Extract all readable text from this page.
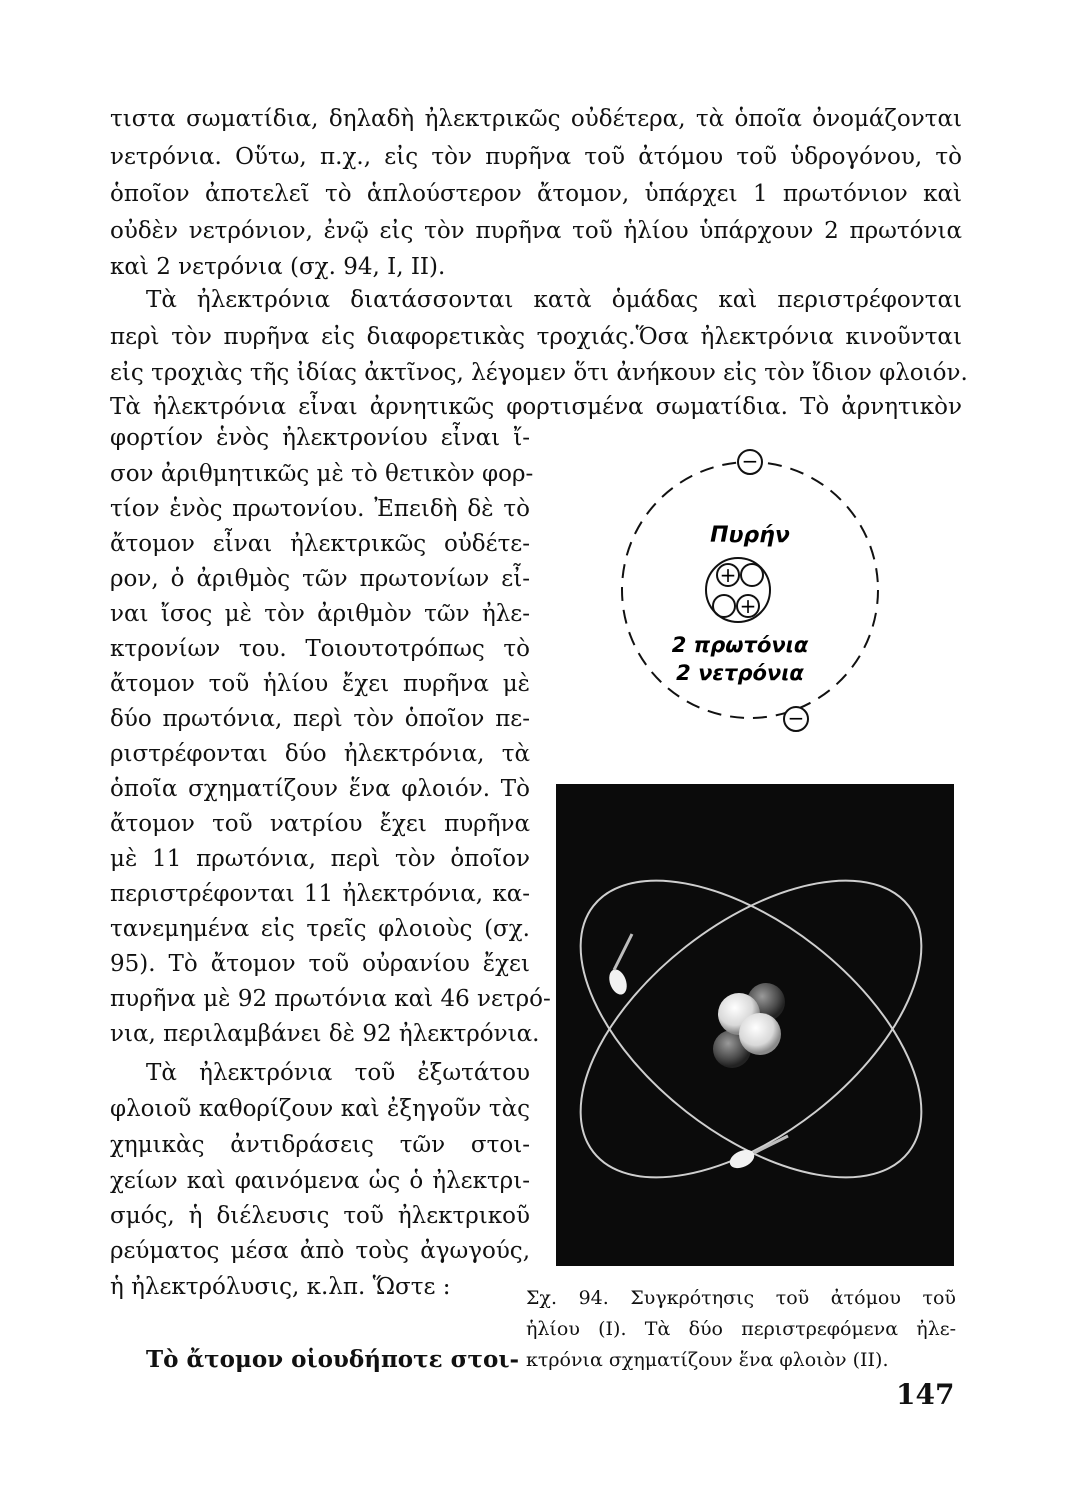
τιστα σωματίδια, δηλαδὴ ἠλεκτρικῶς οὐδέτερα, τὰ ὁποῖα ὀνομάζονται
νετρόνια. Οὕτω, π.χ., εἰς τὸν πυρῆνα τοῦ ἀτόμου τοῦ ὑδρογόνου, τὸ
ὁποῖον ἀποτελεῖ τὸ ἁπλούστερον ἄτομον, ὑπάρχει 1 πρωτόνιον καὶ
οὐδὲν νετρόνιον, ἐνῷ εἰς τὸν πυρῆνα τοῦ ἡλίου ὑπάρχουν 2 πρωτόνια
καὶ 2 νετρόνια (σχ. 94, I, II).
Τὰ ἠλεκτρόνια διατάσσονται κατὰ ὁμάδας καὶ περιστρέφονται
περὶ τὸν πυρῆνα εἰς διαφορετικὰς τροχιάς.Ὅσα ἠλεκτρόνια κινοῦνται
εἰς τροχιὰς τῆς ἰδίας ἀκτῖνος, λέγομεν ὅτι ἀνήκουν εἰς τὸν ἴδιον φλοιόν.
Τὰ ἠλεκτρόνια εἶναι ἀρνητικῶς φορτισμένα σωματίδια. Τὸ ἀρνητικὸν
φορτίον ἑνὸς ἠλεκτρονίου εἶναι ἴ-
σον ἀριθμητικῶς μὲ τὸ θετικὸν φορ-
τίον ἑνὸς πρωτονίου. Ἐπειδὴ δὲ τὸ
ἄτομον εἶναι ἠλεκτρικῶς οὐδέτε-
ρον, ὁ ἀριθμὸς τῶν πρωτονίων εἶ-
ναι ἴσος μὲ τὸν ἀριθμὸν τῶν ἠλε-
κτρονίων του. Τοιουτοτρόπως τὸ
ἄτομον τοῦ ἡλίου ἔχει πυρῆνα μὲ
δύο πρωτόνια, περὶ τὸν ὁποῖον πε-
ριστρέφονται δύο ἠλεκτρόνια, τὰ
ὁποῖα σχηματίζουν ἕνα φλοιόν. Τὸ
ἄτομον τοῦ νατρίου ἔχει πυρῆνα
μὲ 11 πρωτόνια, περὶ τὸν ὁποῖον
περιστρέφονται 11 ἠλεκτρόνια, κα-
τανεμημένα εἰς τρεῖς φλοιοὺς (σχ.
95). Τὸ ἄτομον τοῦ οὐρανίου ἔχει
πυρῆνα μὲ 92 πρωτόνια καὶ 46 νετρό-
νια, περιλαμβάνει δὲ 92 ἠλεκτρόνια.
Τὰ ἠλεκτρόνια τοῦ ἐξωτάτου
φλοιοῦ καθορίζουν καὶ ἐξηγοῦν τὰς
χημικὰς ἀντιδράσεις τῶν στοι-
χείων καὶ φαινόμενα ὡς ὁ ἠλεκτρι-
σμός, ἡ διέλευσις τοῦ ἠλεκτρικοῦ
ρεύματος μέσα ἀπὸ τοὺς ἀγωγούς,
ἡ ἠλεκτρόλυσις, κ.λπ. Ὥστε :
Τὸ ἄτομον οἱουδήποτε στοι-
−
−
Πυρήν
+
+
2 πρωτόνια
2 νετρόνια
Σχ. 94. Συγκρότησις τοῦ ἀτόμου τοῦ
ἡλίου (I). Τὰ δύο περιστρεφόμενα ἠλε-
κτρόνια σχηματίζουν ἕνα φλοιὸν (II).
147
